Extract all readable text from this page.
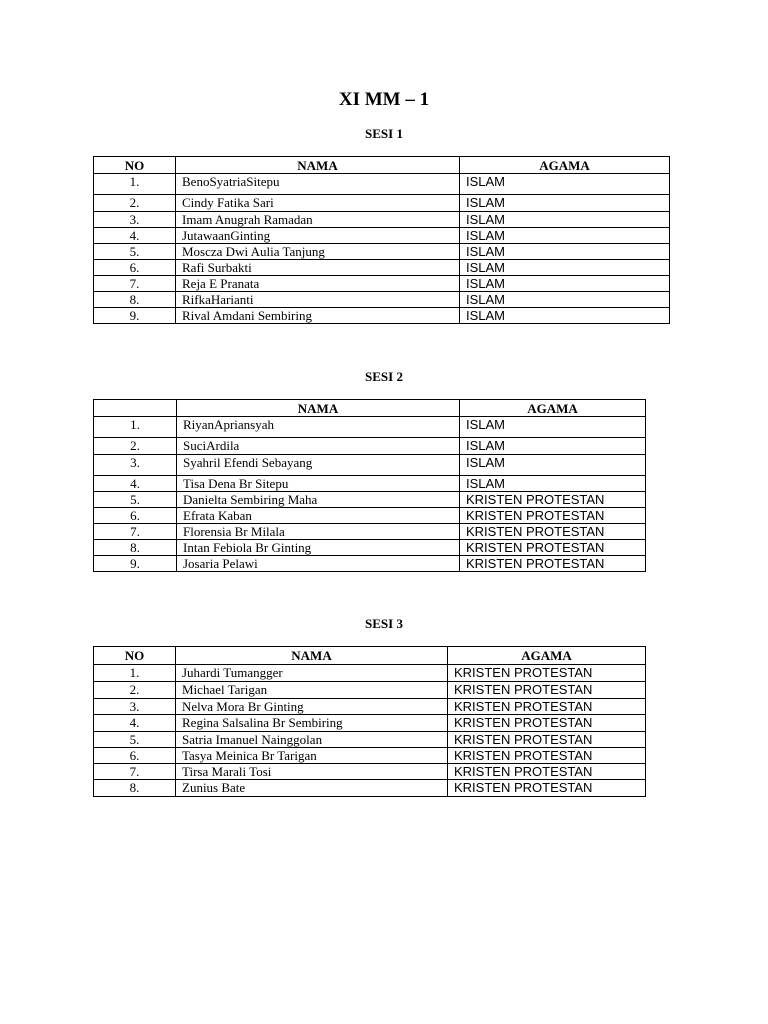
XI MM – 1
SESI 1
NO	NAMA	AGAMA
1.	BenoSyatriaSitepu	ISLAM
2.	Cindy Fatika Sari	ISLAM
3.	Imam Anugrah Ramadan	ISLAM
4.	JutawaanGinting	ISLAM
5.	Moscza Dwi Aulia Tanjung	ISLAM
6.	Rafi Surbakti	ISLAM
7.	Reja E Pranata	ISLAM
8.	RifkaHarianti	ISLAM
9.	Rival Amdani Sembiring	ISLAM
SESI 2
	NAMA	AGAMA
1.	RiyanApriansyah	ISLAM
2.	SuciArdila	ISLAM
3.	Syahril Efendi Sebayang	ISLAM
4.	Tisa Dena Br Sitepu	ISLAM
5.	Danielta Sembiring Maha	KRISTEN PROTESTAN
6.	Efrata Kaban	KRISTEN PROTESTAN
7.	Florensia Br Milala	KRISTEN PROTESTAN
8.	Intan Febiola Br Ginting	KRISTEN PROTESTAN
9.	Josaria Pelawi	KRISTEN PROTESTAN
SESI 3
NO	NAMA	AGAMA
1.	Juhardi Tumangger	KRISTEN PROTESTAN
2.	Michael Tarigan	KRISTEN PROTESTAN
3.	Nelva Mora Br Ginting	KRISTEN PROTESTAN
4.	Regina Salsalina Br Sembiring	KRISTEN PROTESTAN
5.	Satria Imanuel Nainggolan	KRISTEN PROTESTAN
6.	Tasya Meinica Br Tarigan	KRISTEN PROTESTAN
7.	Tirsa Marali Tosi	KRISTEN PROTESTAN
8.	Zunius Bate	KRISTEN PROTESTAN
